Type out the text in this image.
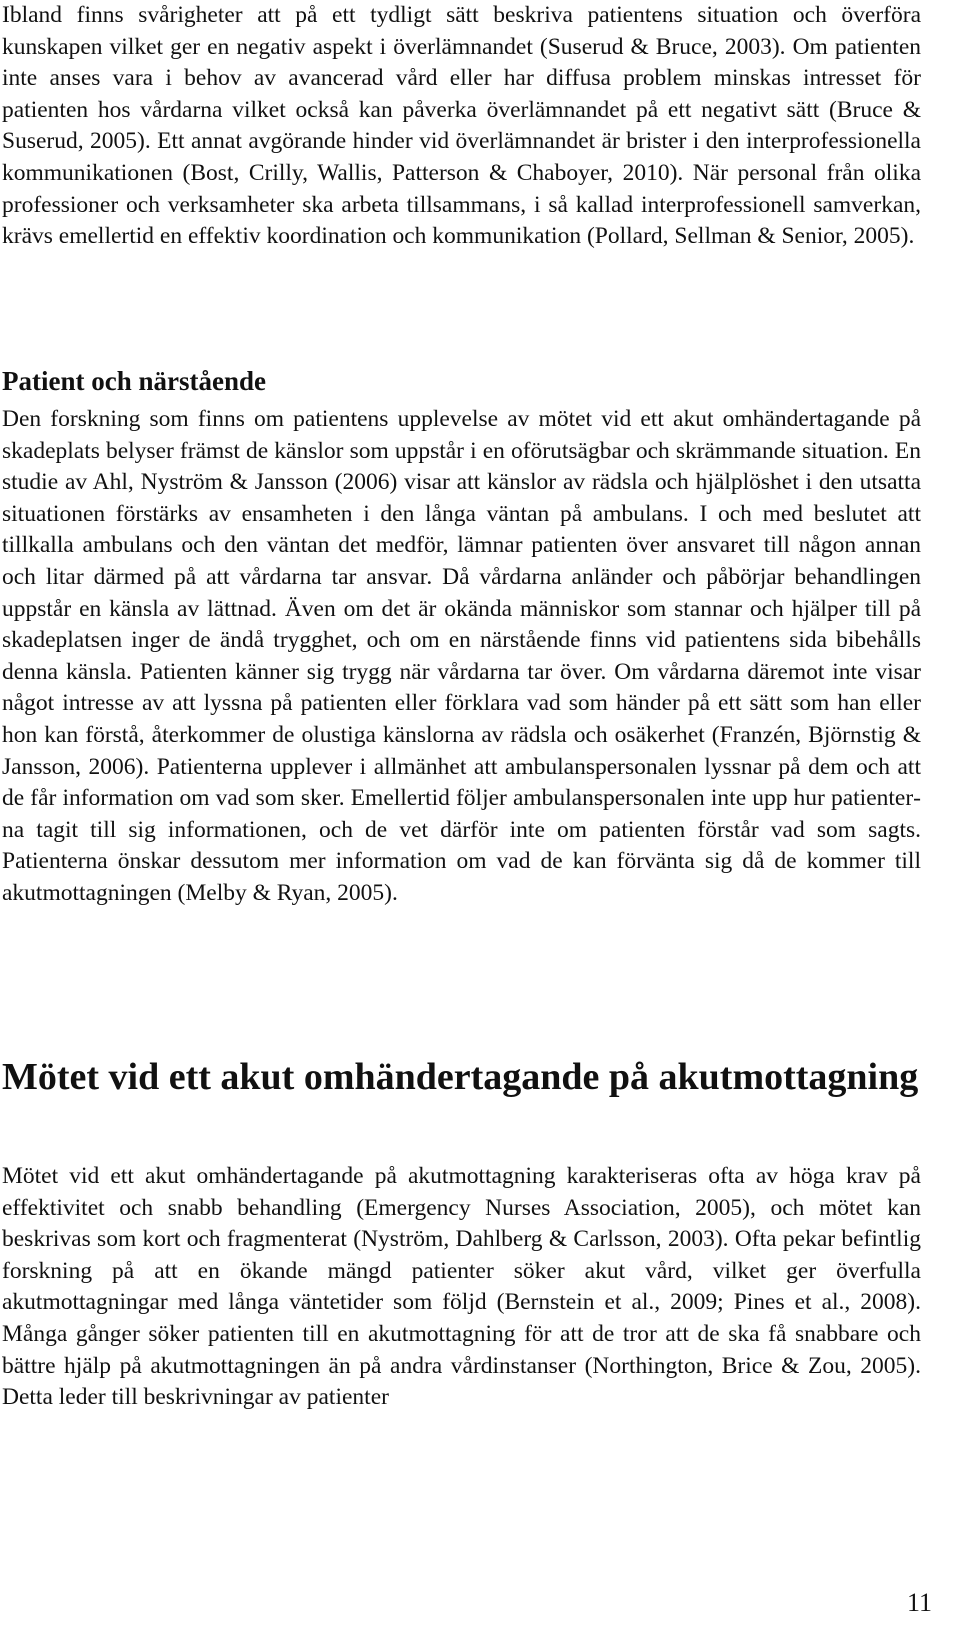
Ibland finns svårigheter att på ett tydligt sätt beskriva patientens situation och överföra kunskapen vilket ger en negativ aspekt i överlämnandet (Suserud & Bruce, 2003). Om patienten inte anses vara i behov av avancerad vård eller har diffusa problem minskas intresset för patienten hos vårdarna vilket också kan påverka överlämnandet på ett negativt sätt (Bruce & Suserud, 2005). Ett annat avgörande hinder vid överlämnandet är brister i den interprofessionella kommunikationen (Bost, Crilly, Wallis, Patterson & Chaboyer, 2010). När personal från olika professioner och verksamheter ska arbeta tillsammans, i så kallad interprofessionell samverkan, krävs emellertid en effektiv koordination och kommunikation (Pollard, Sellman & Senior, 2005).

Patient och närstående

Den forskning som finns om patientens upplevelse av mötet vid ett akut omhändertagande på skadeplats belyser främst de känslor som uppstår i en oförutsägbar och skrämmande situation. En studie av Ahl, Nyström & Jansson (2006) visar att känslor av rädsla och hjälplöshet i den utsatta situationen förstärks av ensamheten i den långa väntan på ambulans. I och med beslutet att tillkalla ambulans och den väntan det medför, lämnar patienten över ansvaret till någon annan och litar därmed på att vårdarna tar ansvar. Då vårdarna anländer och påbörjar behandlingen uppstår en känsla av lättnad. Även om det är okända människor som stannar och hjälper till på skadeplatsen inger de ändå trygghet, och om en närstående finns vid patientens sida bibehålls denna känsla. Patienten känner sig trygg när vårdarna tar över. Om vårdarna däremot inte visar något intresse av att lyssna på patienten eller förklara vad som händer på ett sätt som han eller hon kan förstå, återkommer de olustiga känslorna av rädsla och osäkerhet (Franzén, Björnstig & Jansson, 2006). Patienterna upplever i allmänhet att ambulanspersonalen lyssnar på dem och att de får information om vad som sker. Emellertid följer ambulanspersonalen inte upp hur patienterna tagit till sig informationen, och de vet därför inte om patienten förstår vad som sagts. Patienterna önskar dessutom mer information om vad de kan förvänta sig då de kommer till akutmottagningen (Melby & Ryan, 2005).

Mötet vid ett akut omhändertagande på akutmottagning

Mötet vid ett akut omhändertagande på akutmottagning karakteriseras ofta av höga krav på effektivitet och snabb behandling (Emergency Nurses Association, 2005), och mötet kan beskrivas som kort och fragmenterat (Nyström, Dahlberg & Carlsson, 2003). Ofta pekar befintlig forskning på att en ökande mängd patienter söker akut vård, vilket ger överfulla akutmottagningar med långa väntetider som följd (Bernstein et al., 2009; Pines et al., 2008). Många gånger söker patienten till en akutmottagning för att de tror att de ska få snabbare och bättre hjälp på akutmottagningen än på andra vårdinstanser (Northington, Brice & Zou, 2005). Detta leder till beskrivningar av patienter

11
